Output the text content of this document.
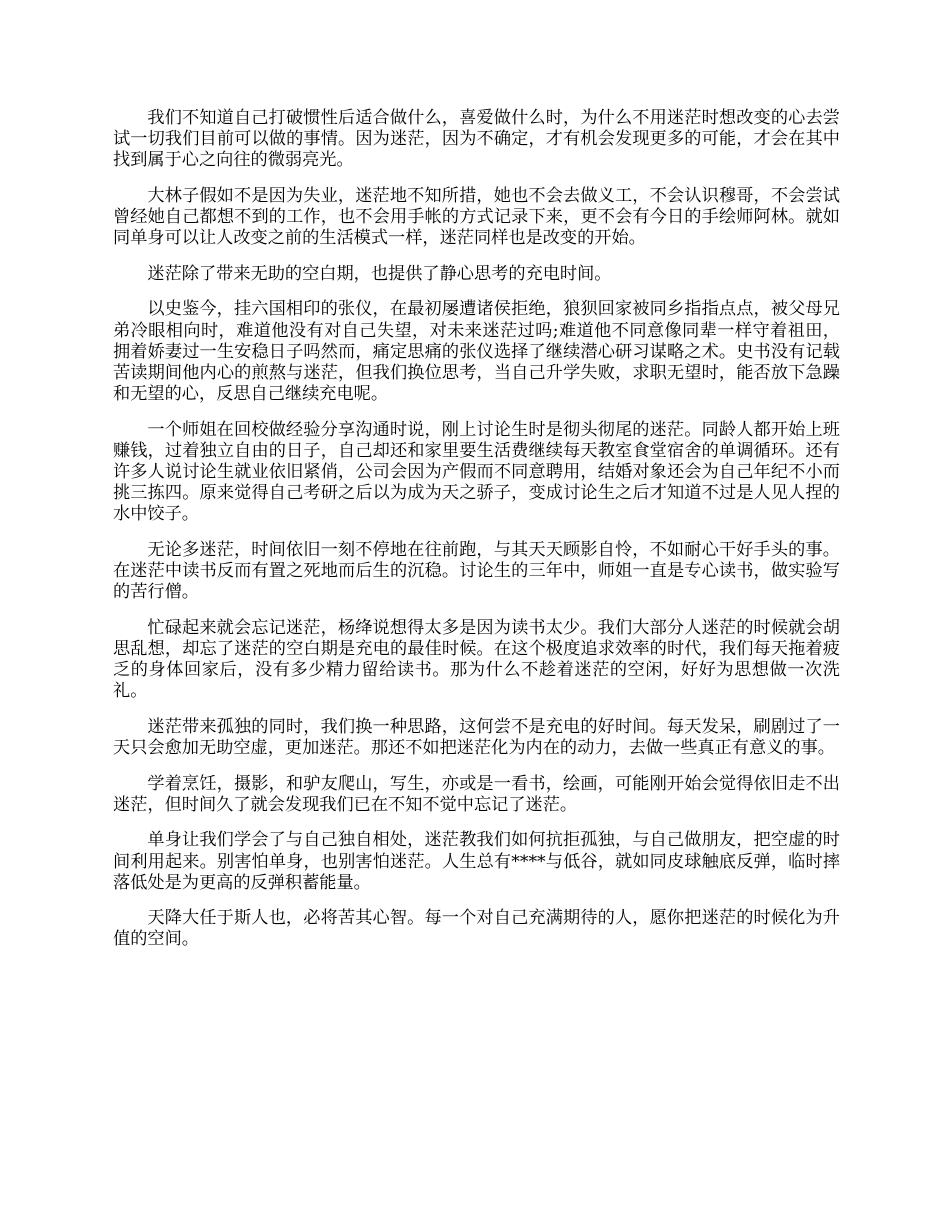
我们不知道自己打破惯性后适合做什么，喜爱做什么时，为什么不用迷茫时想改变的心去尝试一切我们目前可以做的事情。因为迷茫，因为不确定，才有机会发现更多的可能，才会在其中找到属于心之向往的微弱亮光。

大林子假如不是因为失业，迷茫地不知所措，她也不会去做义工，不会认识穆哥，不会尝试曾经她自己都想不到的工作，也不会用手帐的方式记录下来，更不会有今日的手绘师阿林。就如同单身可以让人改变之前的生活模式一样，迷茫同样也是改变的开始。

迷茫除了带来无助的空白期，也提供了静心思考的充电时间。

以史鉴今，挂六国相印的张仪，在最初屡遭诸侯拒绝，狼狈回家被同乡指指点点，被父母兄弟冷眼相向时，难道他没有对自己失望，对未来迷茫过吗;难道他不同意像同辈一样守着祖田，拥着娇妻过一生安稳日子吗然而，痛定思痛的张仪选择了继续潜心研习谋略之术。史书没有记载苦读期间他内心的煎熬与迷茫，但我们换位思考，当自己升学失败，求职无望时，能否放下急躁和无望的心，反思自己继续充电呢。

一个师姐在回校做经验分享沟通时说，刚上讨论生时是彻头彻尾的迷茫。同龄人都开始上班赚钱，过着独立自由的日子，自己却还和家里要生活费继续每天教室食堂宿舍的单调循环。还有许多人说讨论生就业依旧紧俏，公司会因为产假而不同意聘用，结婚对象还会为自己年纪不小而挑三拣四。原来觉得自己考研之后以为成为天之骄子，变成讨论生之后才知道不过是人见人捏的水中饺子。

无论多迷茫，时间依旧一刻不停地在往前跑，与其天天顾影自怜，不如耐心干好手头的事。在迷茫中读书反而有置之死地而后生的沉稳。讨论生的三年中，师姐一直是专心读书，做实验写的苦行僧。

忙碌起来就会忘记迷茫，杨绛说想得太多是因为读书太少。我们大部分人迷茫的时候就会胡思乱想，却忘了迷茫的空白期是充电的最佳时候。在这个极度追求效率的时代，我们每天拖着疲乏的身体回家后，没有多少精力留给读书。那为什么不趁着迷茫的空闲，好好为思想做一次洗礼。

迷茫带来孤独的同时，我们换一种思路，这何尝不是充电的好时间。每天发呆，刷剧过了一天只会愈加无助空虚，更加迷茫。那还不如把迷茫化为内在的动力，去做一些真正有意义的事。

学着烹饪，摄影，和驴友爬山，写生，亦或是一看书，绘画，可能刚开始会觉得依旧走不出迷茫，但时间久了就会发现我们已在不知不觉中忘记了迷茫。

单身让我们学会了与自己独自相处，迷茫教我们如何抗拒孤独，与自己做朋友，把空虚的时间利用起来。别害怕单身，也别害怕迷茫。人生总有****与低谷，就如同皮球触底反弹，临时摔落低处是为更高的反弹积蓄能量。

天降大任于斯人也，必将苦其心智。每一个对自己充满期待的人，愿你把迷茫的时候化为升值的空间。
